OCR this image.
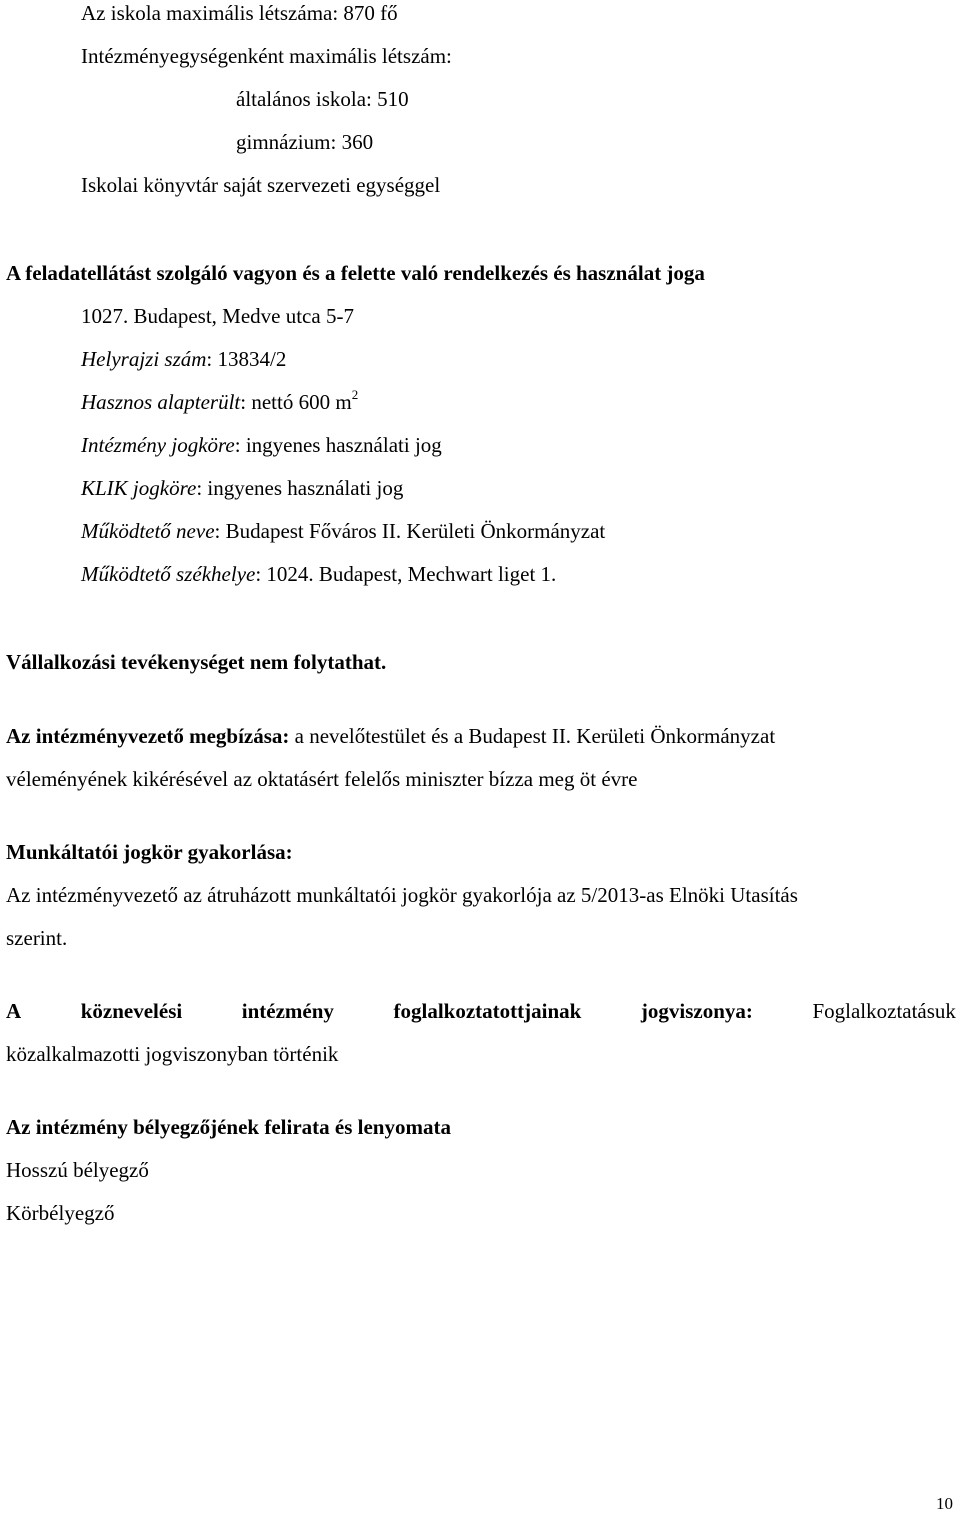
Az iskola maximális létszáma: 870 fő
Intézményegységenként maximális létszám:
általános iskola: 510
gimnázium: 360
Iskolai könyvtár saját szervezeti egységgel
A feladatellátást szolgáló vagyon és a felette való rendelkezés és használat joga
1027. Budapest, Medve utca 5-7
Helyrajzi szám: 13834/2
Hasznos alapterült: nettó 600 $m^2$
Intézmény jogköre: ingyenes használati jog
KLIK jogköre: ingyenes használati jog
Működtető neve: Budapest Főváros II. Kerületi Önkormányzat
Működtető székhelye: 1024. Budapest, Mechwart liget 1.
Vállalkozási tevékenységet nem folytathat.
Az intézményvezető megbízása: a nevelőtestület és a Budapest II. Kerületi Önkormányzat
véleményének kikérésével az oktatásért felelős miniszter bízza meg öt évre
Munkáltatói jogkör gyakorlása:
Az intézményvezető az átruházott munkáltatói jogkör gyakorlója az 5/2013-as Elnöki Utasítás
szerint.
A	köznevelési	intézmény	foglalkoztatottjainak	jogviszonya:	Foglalkoztatásuk
közalkalmazotti jogviszonyban történik
Az intézmény bélyegzőjének felirata és lenyomata
Hosszú bélyegző
Körbélyegző
10
